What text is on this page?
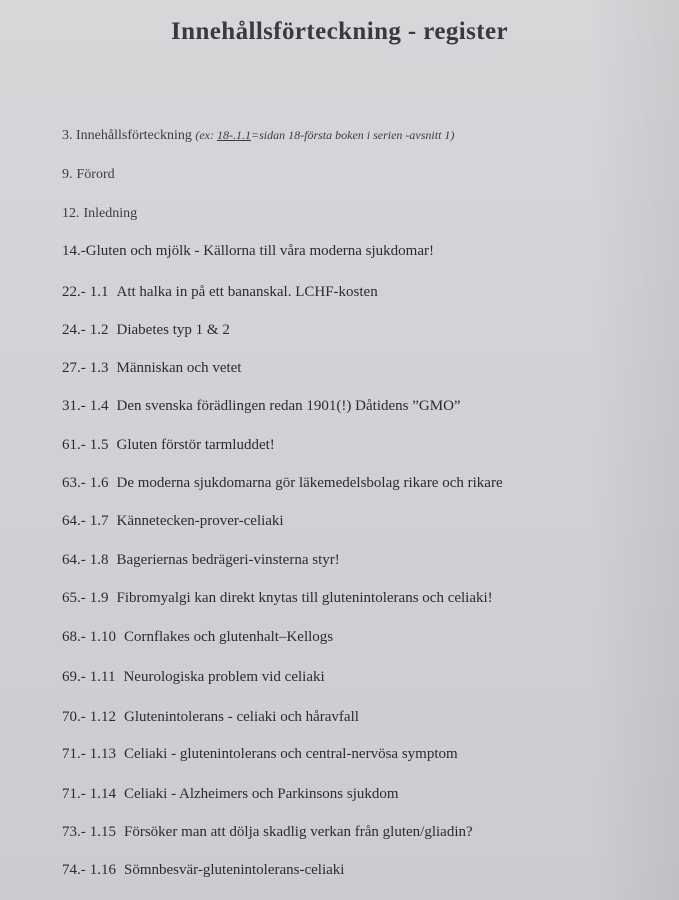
Innehållsförteckning - register
3. Innehållsförteckning (ex: 18-.1.1=sidan 18-första boken i serien -avsnitt 1)
9. Förord
12. Inledning
14.-Gluten och mjölk - Källorna till våra moderna sjukdomar!
22.- 1.1 Att halka in på ett bananskal. LCHF-kosten
24.- 1.2 Diabetes typ 1 & 2
27.- 1.3 Människan och vetet
31.- 1.4 Den svenska förädlingen redan 1901(!) Dåtidens ”GMO”
61.- 1.5 Gluten förstör tarmluddet!
63.- 1.6 De moderna sjukdomarna gör läkemedelsbolag rikare och rikare
64.- 1.7 Kännetecken-prover-celiaki
64.- 1.8 Bageriernas bedrägeri-vinsterna styr!
65.- 1.9 Fibromyalgi kan direkt knytas till glutenintolerans och celiaki!
68.- 1.10 Cornflakes och glutenhalt–Kellogs
69.- 1.11 Neurologiska problem vid celiaki
70.- 1.12 Glutenintolerans - celiaki och håravfall
71.- 1.13 Celiaki - glutenintolerans och central-nervösa symptom
71.- 1.14 Celiaki - Alzheimers och Parkinsons sjukdom
73.- 1.15 Försöker man att dölja skadlig verkan från gluten/gliadin?
74.- 1.16 Sömnbesvär-glutenintolerans-celiaki
